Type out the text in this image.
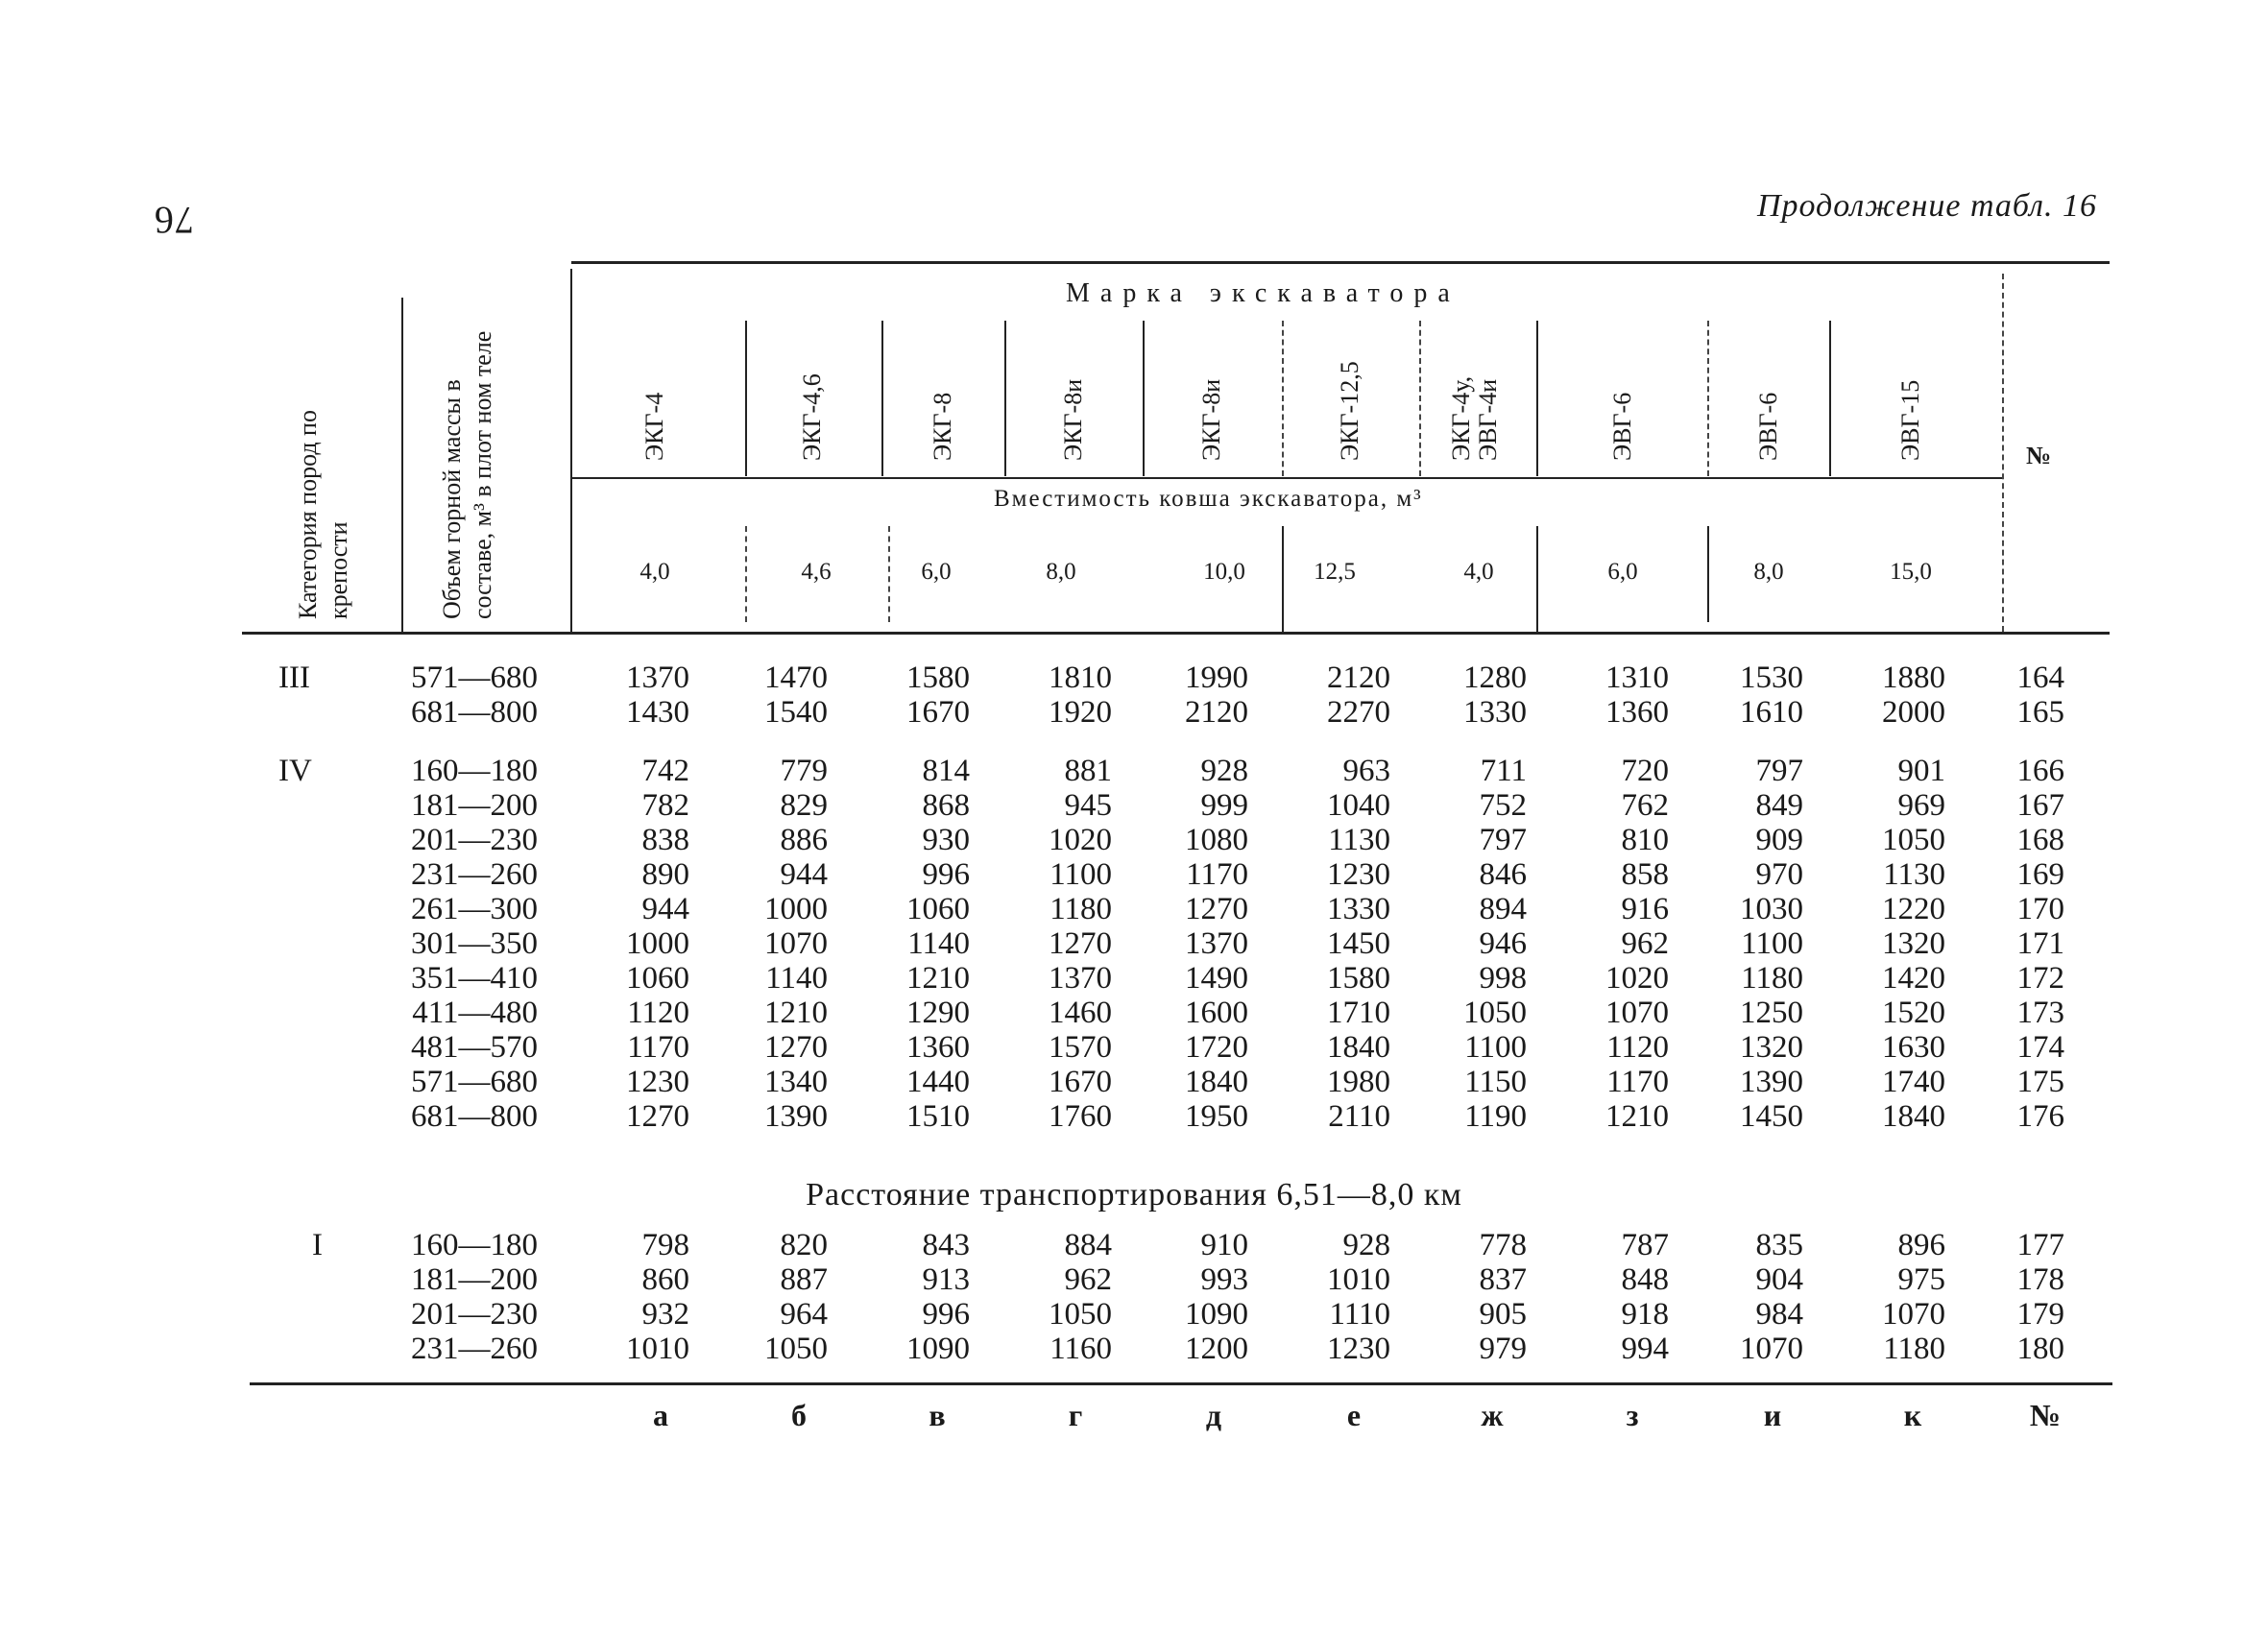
76	Продолжение табл. 16
Категория пород по крепости	Объем горной массы в составе, м³ в плот ном теле
Марка экскаватора
Вместимость ковша экскаватора, м³
№
ЭКГ-4	ЭКГ-4,6	ЭКГ-8	ЭКГ-8и	ЭКГ-8и	ЭКГ-12,5	ЭКГ-4у, ЭВГ-4и	ЭВГ-6	ЭВГ-6	ЭВГ-15
4,0	4,6	6,0	8,0	10,0	12,5	4,0	6,0	8,0	15,0
III	571—680	1370	1470	1580	1810	1990	2120	1280	1310	1530	1880	164
681—800	1430	1540	1670	1920	2120	2270	1330	1360	1610	2000	165
IV	160—180	742	779	814	881	928	963	711	720	797	901	166
181—200	782	829	868	945	999	1040	752	762	849	969	167
201—230	838	886	930	1020	1080	1130	797	810	909	1050	168
231—260	890	944	996	1100	1170	1230	846	858	970	1130	169
261—300	944	1000	1060	1180	1270	1330	894	916	1030	1220	170
301—350	1000	1070	1140	1270	1370	1450	946	962	1100	1320	171
351—410	1060	1140	1210	1370	1490	1580	998	1020	1180	1420	172
411—480	1120	1210	1290	1460	1600	1710	1050	1070	1250	1520	173
481—570	1170	1270	1360	1570	1720	1840	1100	1120	1320	1630	174
571—680	1230	1340	1440	1670	1840	1980	1150	1170	1390	1740	175
681—800	1270	1390	1510	1760	1950	2110	1190	1210	1450	1840	176
I	160—180	798	820	843	884	910	928	778	787	835	896	177
181—200	860	887	913	962	993	1010	837	848	904	975	178
201—230	932	964	996	1050	1090	1110	905	918	984	1070	179
231—260	1010	1050	1090	1160	1200	1230	979	994	1070	1180	180
Расстояние транспортирования 6,51—8,0 км
а	б	в	г	д	е	ж	з	и	к	№
